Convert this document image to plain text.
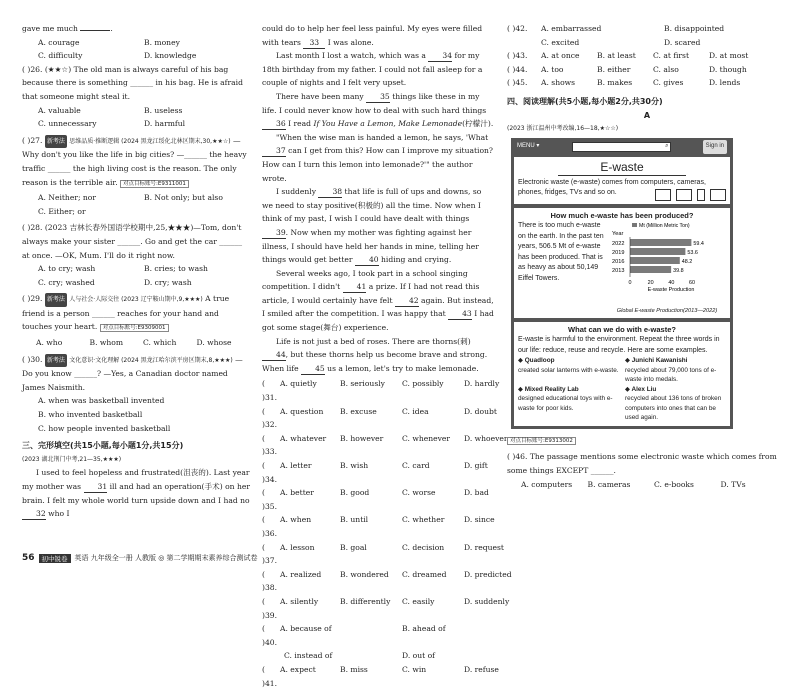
gave me much	.
A. courage	B. money
C. difficulty	D. knowledge
( )26. (★★☆) The old man is always careful of his bag because there is something ______ in his bag. He is afraid that someone might steal it.
A. valuable	B. useless
C. unnecessary	D. harmful
( )27. 新考法 思维品质·推断逻辑 (2024 黑龙江绥化北林区期末,30,★★☆) —Why don't you like the life in big cities? —______ the heavy traffic ______ the high living cost is the reason. The only reason is the terrible air. 对点目标账号:E9311001
A. Neither; nor	B. Not only; but also
C. Either; or
( )28. (2023 吉林长春外国语学校期中,25,★★★)—Tom, don't always make your sister ______. Go and get the car ______ at once. —OK, Mum. I'll do it right now.
A. to cry; wash	B. cries; to wash
C. cry; washed	D. cry; wash
( )29. 新考法 人与社会·人际交往 (2023 辽宁鞍山期中,9,★★★) A true friend is a person ______ reaches for your hand and touches your heart. 对点目标账号:E9309001
A. who	B. whom	C. which	D. whose
( )30. 新考法 文化意识·文化理解 (2024 黑龙江哈尔滨平房区期末,8,★★★) —Do you know ______? —Yes, a Canadian doctor named James Naismith.
A. when was basketball invented
B. who invented basketball
C. how people invented basketball
三、完形填空(共15小题,每小题1分,共15分)
(2023 湖北荆门中考,21—35,★★★)
I used to feel hopeless and frustrated(沮丧的). Last year my mother was 31 ill and had an operation(手术) on her brain. I felt my whole world turn upside down and I had no 32 who I
could do to help her feel less painful. My eyes were filled with tears 33 I was alone.
Last month I lost a watch, which was a 34 for my 18th birthday from my father. I could not fall asleep for a couple of nights and I felt very upset.
There have been many 35 things like these in my life. I could never know how to deal with such hard things 36 I read If You Have a Lemon, Make Lemonade(柠檬汁).
"When the wise man is handed a lemon, he says, 'What 37 can I get from this? How can I improve my situation? How can I turn this lemon into lemonade?'" the author wrote.
I suddenly 38 that life is full of ups and downs, so we need to stay positive(积极的) all the time. Now when I think of my past, I wish I could have dealt with things 39. Now when my mother was fighting against her illness, I should have held her hands in mine, telling her things would get better 40 hiding and crying.
Several weeks ago, I took part in a school singing competition. I didn't 41 a prize. If I had not read this article, I would certainly have felt 42 again. But instead, I smiled after the competition. I was happy that 43 I had got some stage(舞台) experience.
Life is not just a bed of roses. There are thorns(刺) 44, but these thorns help us become brave and strong. When life 45 us a lemon, let's try to make lemonade.
( )31.
A. quietly	B. seriously	C. possibly	D. hardly
( )32.
A. question	B. excuse	C. idea	D. doubt
( )33.
A. whatever	B. however	C. whenever	D. whoever
( )34.
A. letter	B. wish	C. card	D. gift
( )35.
A. better	B. good	C. worse	D. bad
( )36.
A. when	B. until	C. whether	D. since
( )37.
A. lesson	B. goal	C. decision	D. request
( )38.
A. realized	B. wondered	C. dreamed	D. predicted
( )39.
A. silently	B. differently	C. easily	D. suddenly
( )40.
A. because of	B. ahead of
C. instead of	D. out of
( )41.
A. expect	B. miss	C. win	D. refuse
( )42.	A. embarrassed	B. disappointed
C. excited	D. scared
( )43.	A. at once	B. at least	C. at first	D. at most
( )44.	A. too	B. either	C. also	D. though
( )45.	A. shows	B. makes	C. gives	D. lends
四、阅读理解(共5小题,每小题2分,共30分)
A
(2023 浙江温州中考改编,16—18,★☆☆)
MENU ▾	⌕	Sign in
E-waste
Electronic waste (e-waste) comes from computers, cameras, phones, fridges, TVs and so on.
How much e-waste has been produced?
There is too much e-waste on the earth. In the past ten years, 506.5 Mt of e-waste has been produced. That is as heavy as about 50,149 Eiffel Towers.
Mt (Million Metric Ton)
Year
2022	59.4
2019	53.6
2016	48.2
2013	39.8
0	20	40	60
E-waste Production
Global E-waste Production(2013—2022)
What can we do with e-waste?
E-waste is harmful to the environment. Repeat the three words in our life: reduce, reuse and recycle. Here are some examples.
◆ Quadloop
created solar lanterns with e-waste.
◆ Junichi Kawanishi
recycled about 79,000 tons of e-waste into medals.
◆ Mixed Reality Lab
designed educational toys with e-waste for poor kids.
◆ Alex Liu
recycled about 136 tons of broken computers into ones that can be used again.
对点目标账号:E9313002
( )46. The passage mentions some electronic waste which comes from some things EXCEPT ______.
A. computers	B. cameras	C. e-books	D. TVs
56	初中锐卷	英语 九年级全一册 人教版 ◎ 第二学期期末素养综合测试卷
